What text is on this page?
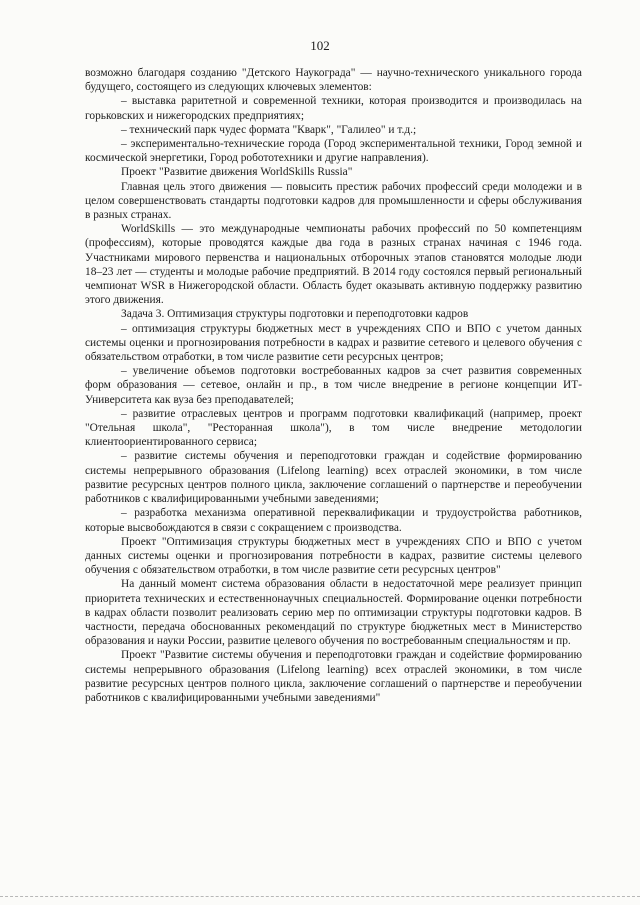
102

возможно благодаря созданию "Детского Наукограда" — научно-технического уникального города будущего, состоящего из следующих ключевых элементов:

– выставка раритетной и современной техники, которая производится и производилась на горьковских и нижегородских предприятиях;

– технический парк чудес формата "Кварк", "Галилео" и т.д.;

– экспериментально-технические города (Город экспериментальной техники, Город земной и космической энергетики, Город робототехники и другие направления).

Проект "Развитие движения WorldSkills Russia"

Главная цель этого движения — повысить престиж рабочих профессий среди молодежи и в целом совершенствовать стандарты подготовки кадров для промышленности и сферы обслуживания в разных странах.

WorldSkills — это международные чемпионаты рабочих профессий по 50 компетенциям (профессиям), которые проводятся каждые два года в разных странах начиная с 1946 года. Участниками мирового первенства и национальных отборочных этапов становятся молодые люди 18–23 лет — студенты и молодые рабочие предприятий. В 2014 году состоялся первый региональный чемпионат WSR в Нижегородской области. Область будет оказывать активную поддержку развитию этого движения.

Задача 3. Оптимизация структуры подготовки и переподготовки кадров

– оптимизация структуры бюджетных мест в учреждениях СПО и ВПО с учетом данных системы оценки и прогнозирования потребности в кадрах и развитие сетевого и целевого обучения с обязательством отработки, в том числе развитие сети ресурсных центров;

– увеличение объемов подготовки востребованных кадров за счет развития современных форм образования — сетевое, онлайн и пр., в том числе внедрение в регионе концепции ИТ-Университета как вуза без преподавателей;

– развитие отраслевых центров и программ подготовки квалификаций (например, проект "Отельная школа", "Ресторанная школа"), в том числе внедрение методологии клиентоориентированного сервиса;

– развитие системы обучения и переподготовки граждан и содействие формированию системы непрерывного образования (Lifelong learning) всех отраслей экономики, в том числе развитие ресурсных центров полного цикла, заключение соглашений о партнерстве и переобучении работников с квалифицированными учебными заведениями;

– разработка механизма оперативной переквалификации и трудоустройства работников, которые высвобождаются в связи с сокращением с производства.

Проект "Оптимизация структуры бюджетных мест в учреждениях СПО и ВПО с учетом данных системы оценки и прогнозирования потребности в кадрах, развитие системы целевого обучения с обязательством отработки, в том числе развитие сети ресурсных центров"

На данный момент система образования области в недостаточной мере реализует принцип приоритета технических и естественнонаучных специальностей. Формирование оценки потребности в кадрах области позволит реализовать серию мер по оптимизации структуры подготовки кадров. В частности, передача обоснованных рекомендаций по структуре бюджетных мест в Министерство образования и науки России, развитие целевого обучения по востребованным специальностям и пр.

Проект "Развитие системы обучения и переподготовки граждан и содействие формированию системы непрерывного образования (Lifelong learning) всех отраслей экономики, в том числе развитие ресурсных центров полного цикла, заключение соглашений о партнерстве и переобучении работников с квалифицированными учебными заведениями"
